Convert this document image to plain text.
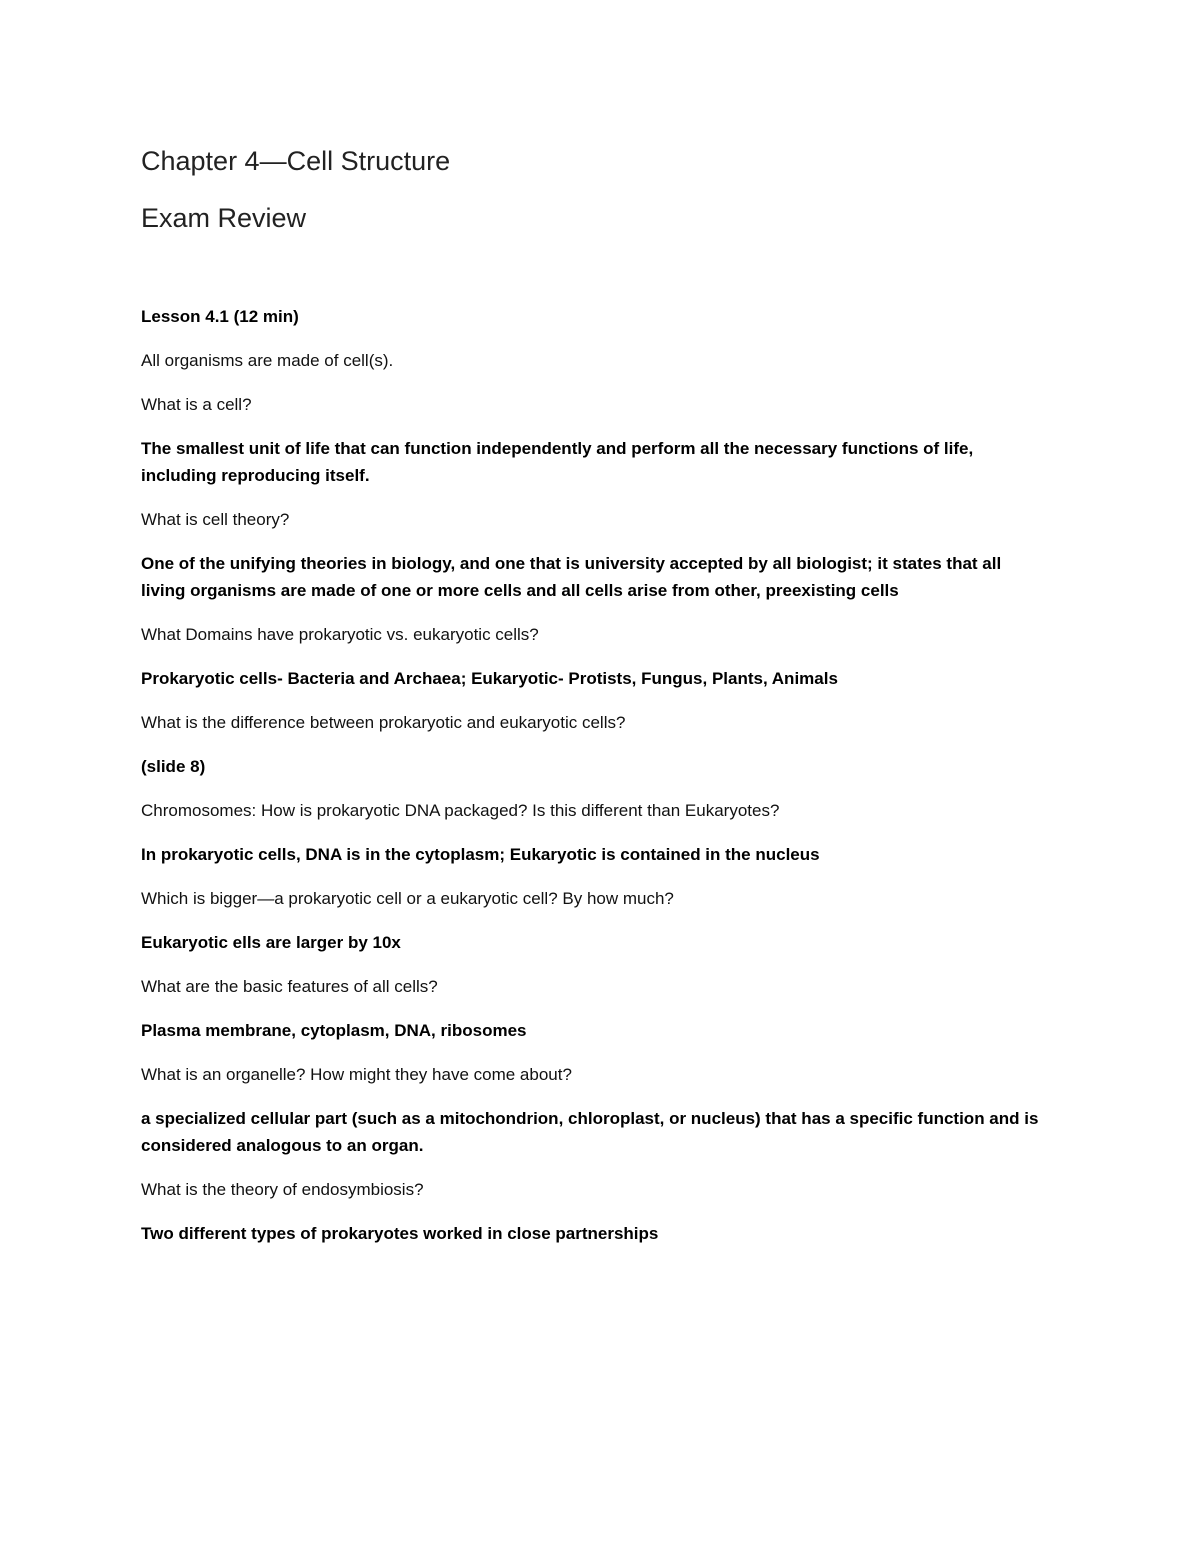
Chapter 4—Cell Structure
Exam Review

Lesson 4.1 (12 min)

All organisms are made of cell(s).

What is a cell?

The smallest unit of life that can function independently and perform all the necessary functions of life, including reproducing itself.

What is cell theory?

One of the unifying theories in biology, and one that is university accepted by all biologist; it states that all living organisms are made of one or more cells and all cells arise from other, preexisting cells

What Domains have prokaryotic vs. eukaryotic cells?

Prokaryotic cells- Bacteria and Archaea; Eukaryotic- Protists, Fungus, Plants, Animals

What is the difference between prokaryotic and eukaryotic cells?

(slide 8)

Chromosomes: How is prokaryotic DNA packaged? Is this different than Eukaryotes?

In prokaryotic cells, DNA is in the cytoplasm; Eukaryotic is contained in the nucleus

Which is bigger—a prokaryotic cell or a eukaryotic cell? By how much?

Eukaryotic ells are larger by 10x

What are the basic features of all cells?

Plasma membrane, cytoplasm, DNA, ribosomes

What is an organelle? How might they have come about?

a specialized cellular part (such as a mitochondrion, chloroplast, or nucleus) that has a specific function and is considered analogous to an organ.

What is the theory of endosymbiosis?

Two different types of prokaryotes worked in close partnerships
